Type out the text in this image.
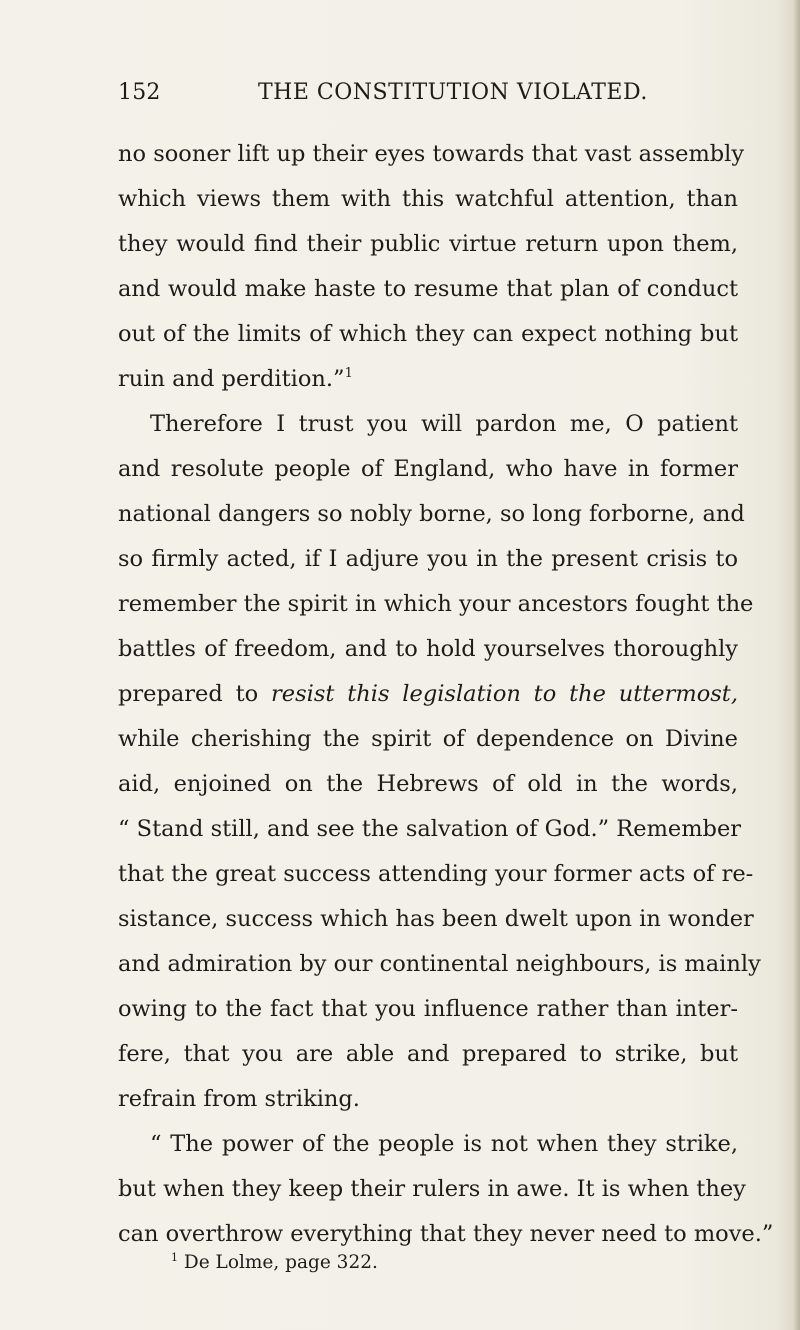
152	THE CONSTITUTION VIOLATED.
no sooner lift up their eyes towards that vast assembly
which views them with this watchful attention, than
they would find their public virtue return upon them,
and would make haste to resume that plan of conduct
out of the limits of which they can expect nothing but
ruin and perdition.”$^1$
Therefore I trust you will pardon me, O patient
and resolute people of England, who have in former
national dangers so nobly borne, so long forborne, and
so firmly acted, if I adjure you in the present crisis to
remember the spirit in which your ancestors fought the
battles of freedom, and to hold yourselves thoroughly
prepared to resist this legislation to the uttermost,
while cherishing the spirit of dependence on Divine
aid, enjoined on the Hebrews of old in the words,
“ Stand still, and see the salvation of God.” Remember
that the great success attending your former acts of re-
sistance, success which has been dwelt upon in wonder
and admiration by our continental neighbours, is mainly
owing to the fact that you influence rather than inter-
fere, that you are able and prepared to strike, but
refrain from striking.
“ The power of the people is not when they strike,
but when they keep their rulers in awe. It is when they
can overthrow everything that they never need to move.”
$^1$ De Lolme, page 322.
